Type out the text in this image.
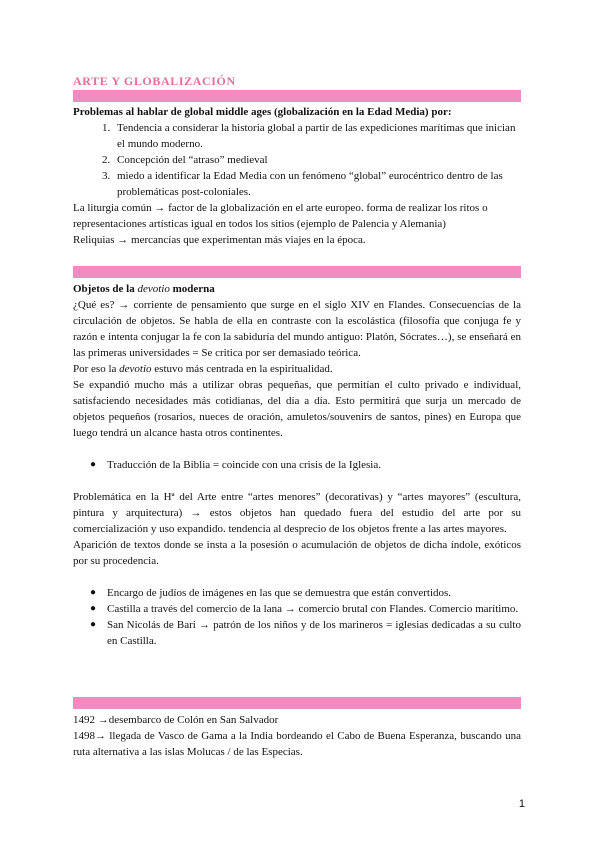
ARTE Y GLOBALIZACIÓN

Problemas al hablar de global middle ages (globalización en la Edad Media) por:

1. Tendencia a considerar la historia global a partir de las expediciones marítimas que inician el mundo moderno.
2. Concepción del “atraso” medieval
3. miedo a identificar la Edad Media con un fenómeno “global” eurocéntrico dentro de las problemáticas post-coloniales.

La liturgia común → factor de la globalización en el arte europeo. forma de realizar los ritos o representaciones artísticas igual en todos los sitios (ejemplo de Palencia y Alemania)

Reliquias → mercancías que experimentan más viajes en la época.

Objetos de la devotio moderna

¿Qué es? → corriente de pensamiento que surge en el siglo XIV en Flandes. Consecuencias de la circulación de objetos. Se habla de ella en contraste con la escolástica (filosofía que conjuga fe y razón e intenta conjugar la fe con la sabiduría del mundo antiguo: Platón, Sócrates…), se enseñará en las primeras universidades = Se critica por ser demasiado teórica.

Por eso la devotio estuvo más centrada en la espiritualidad.

Se expandió mucho más a utilizar obras pequeñas, que permitían el culto privado e individual, satisfaciendo necesidades más cotidianas, del día a día. Esto permitirá que surja un mercado de objetos pequeños (rosarios, nueces de oración, amuletos/souvenirs de santos, pines) en Europa que luego tendrá un alcance hasta otros continentes.

● Traducción de la Biblia = coincide con una crisis de la Iglesia.

Problemática en la Hª del Arte entre “artes menores” (decorativas) y “artes mayores” (escultura, pintura y arquitectura) → estos objetos han quedado fuera del estudio del arte por su comercialización y uso expandido. tendencia al desprecio de los objetos frente a las artes mayores.

Aparición de textos donde se insta a la posesión o acumulación de objetos de dicha índole, exóticos por su procedencia.

● Encargo de judíos de imágenes en las que se demuestra que están convertidos.
● Castilla a través del comercio de la lana → comercio brutal con Flandes. Comercio marítimo.
● San Nicolás de Bari → patrón de los niños y de los marineros = iglesias dedicadas a su culto en Castilla.

1492 →desembarco de Colón en San Salvador

1498→ llegada de Vasco de Gama a la India bordeando el Cabo de Buena Esperanza, buscando una ruta alternativa a las islas Molucas / de las Especias.

1
